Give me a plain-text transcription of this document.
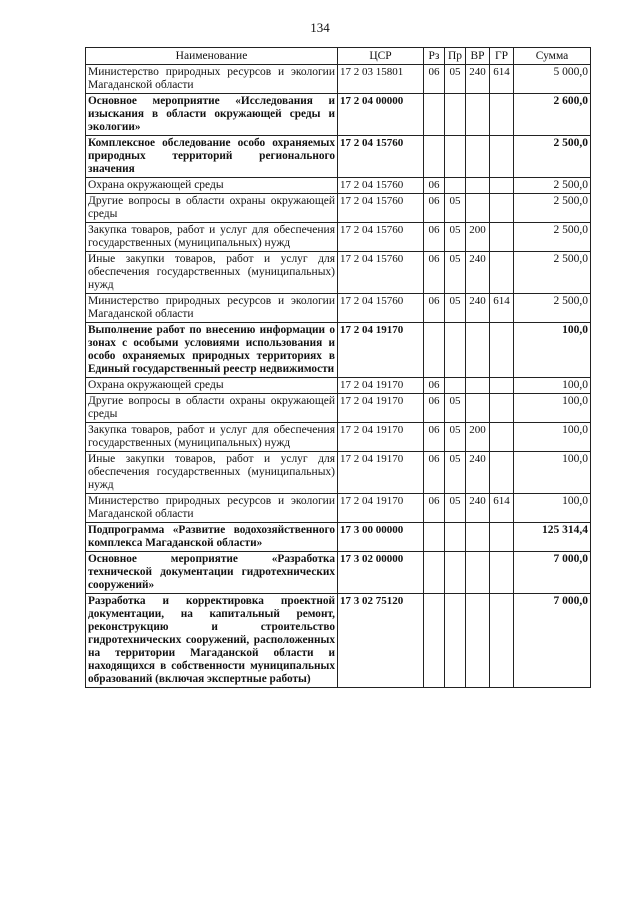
134
Наименование	ЦСР	Рз	Пр	ВР	ГР	Сумма
Министерство природных ресурсов и экологии Магаданской области	17 2 03 15801	06	05	240	614	5 000,0
Основное мероприятие «Исследования и изыскания в области окружающей среды и экологии»	17 2 04 00000					2 600,0
Комплексное обследование особо охраняемых природных территорий регионального значения	17 2 04 15760					2 500,0
Охрана окружающей среды	17 2 04 15760	06				2 500,0
Другие вопросы в области охраны окружающей среды	17 2 04 15760	06	05			2 500,0
Закупка товаров, работ и услуг для обеспечения государственных (муниципальных) нужд	17 2 04 15760	06	05	200		2 500,0
Иные закупки товаров, работ и услуг для обеспечения государственных (муниципальных) нужд	17 2 04 15760	06	05	240		2 500,0
Министерство природных ресурсов и экологии Магаданской области	17 2 04 15760	06	05	240	614	2 500,0
Выполнение работ по внесению информации о зонах с особыми условиями использования и особо охраняемых природных территориях в Единый государственный реестр недвижимости	17 2 04 19170					100,0
Охрана окружающей среды	17 2 04 19170	06				100,0
Другие вопросы в области охраны окружающей среды	17 2 04 19170	06	05			100,0
Закупка товаров, работ и услуг для обеспечения государственных (муниципальных) нужд	17 2 04 19170	06	05	200		100,0
Иные закупки товаров, работ и услуг для обеспечения государственных (муниципальных) нужд	17 2 04 19170	06	05	240		100,0
Министерство природных ресурсов и экологии Магаданской области	17 2 04 19170	06	05	240	614	100,0
Подпрограмма «Развитие водохозяйственного комплекса Магаданской области»	17 3 00 00000					125 314,4
Основное мероприятие «Разработка технической документации гидротехнических сооружений»	17 3 02 00000					7 000,0
Разработка и корректировка проектной документации, на капитальный ремонт, реконструкцию и строительство гидротехнических сооружений, расположенных на территории Магаданской области и находящихся в собственности муниципальных образований (включая экспертные работы)	17 3 02 75120					7 000,0
